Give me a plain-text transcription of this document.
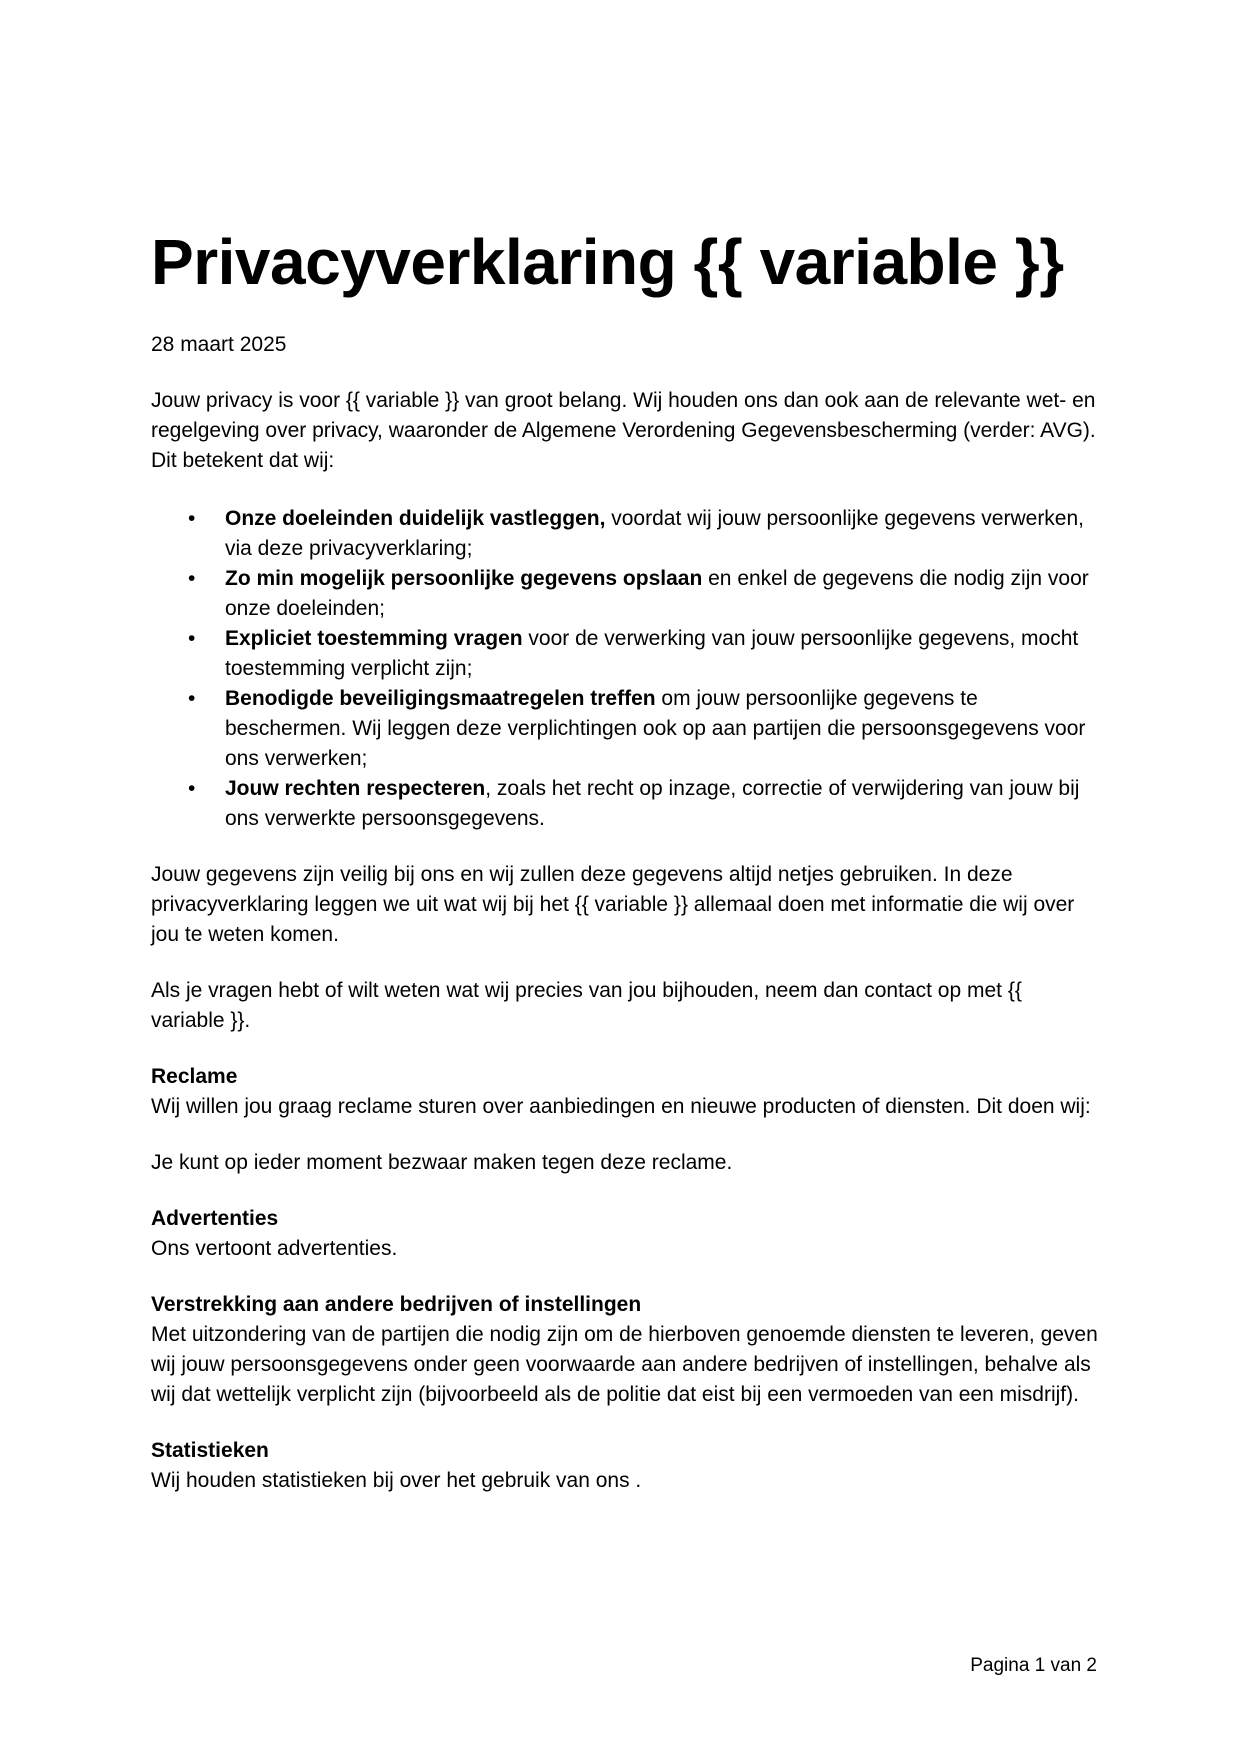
Privacyverklaring {{ variable }}

28 maart 2025

Jouw privacy is voor {{ variable }} van groot belang. Wij houden ons dan ook aan de relevante wet- en regelgeving over privacy, waaronder de Algemene Verordening Gegevensbescherming (verder: AVG). Dit betekent dat wij:

• Onze doeleinden duidelijk vastleggen, voordat wij jouw persoonlijke gegevens verwerken, via deze privacyverklaring;
• Zo min mogelijk persoonlijke gegevens opslaan en enkel de gegevens die nodig zijn voor onze doeleinden;
• Expliciet toestemming vragen voor de verwerking van jouw persoonlijke gegevens, mocht toestemming verplicht zijn;
• Benodigde beveiligingsmaatregelen treffen om jouw persoonlijke gegevens te beschermen. Wij leggen deze verplichtingen ook op aan partijen die persoonsgegevens voor ons verwerken;
• Jouw rechten respecteren, zoals het recht op inzage, correctie of verwijdering van jouw bij ons verwerkte persoonsgegevens.

Jouw gegevens zijn veilig bij ons en wij zullen deze gegevens altijd netjes gebruiken. In deze privacyverklaring leggen we uit wat wij bij het {{ variable }} allemaal doen met informatie die wij over jou te weten komen.

Als je vragen hebt of wilt weten wat wij precies van jou bijhouden, neem dan contact op met {{ variable }}.

Reclame

Wij willen jou graag reclame sturen over aanbiedingen en nieuwe producten of diensten. Dit doen wij:

Je kunt op ieder moment bezwaar maken tegen deze reclame.

Advertenties

Ons vertoont advertenties.

Verstrekking aan andere bedrijven of instellingen

Met uitzondering van de partijen die nodig zijn om de hierboven genoemde diensten te leveren, geven wij jouw persoonsgegevens onder geen voorwaarde aan andere bedrijven of instellingen, behalve als wij dat wettelijk verplicht zijn (bijvoorbeeld als de politie dat eist bij een vermoeden van een misdrijf).

Statistieken

Wij houden statistieken bij over het gebruik van ons .

Pagina 1 van 2
